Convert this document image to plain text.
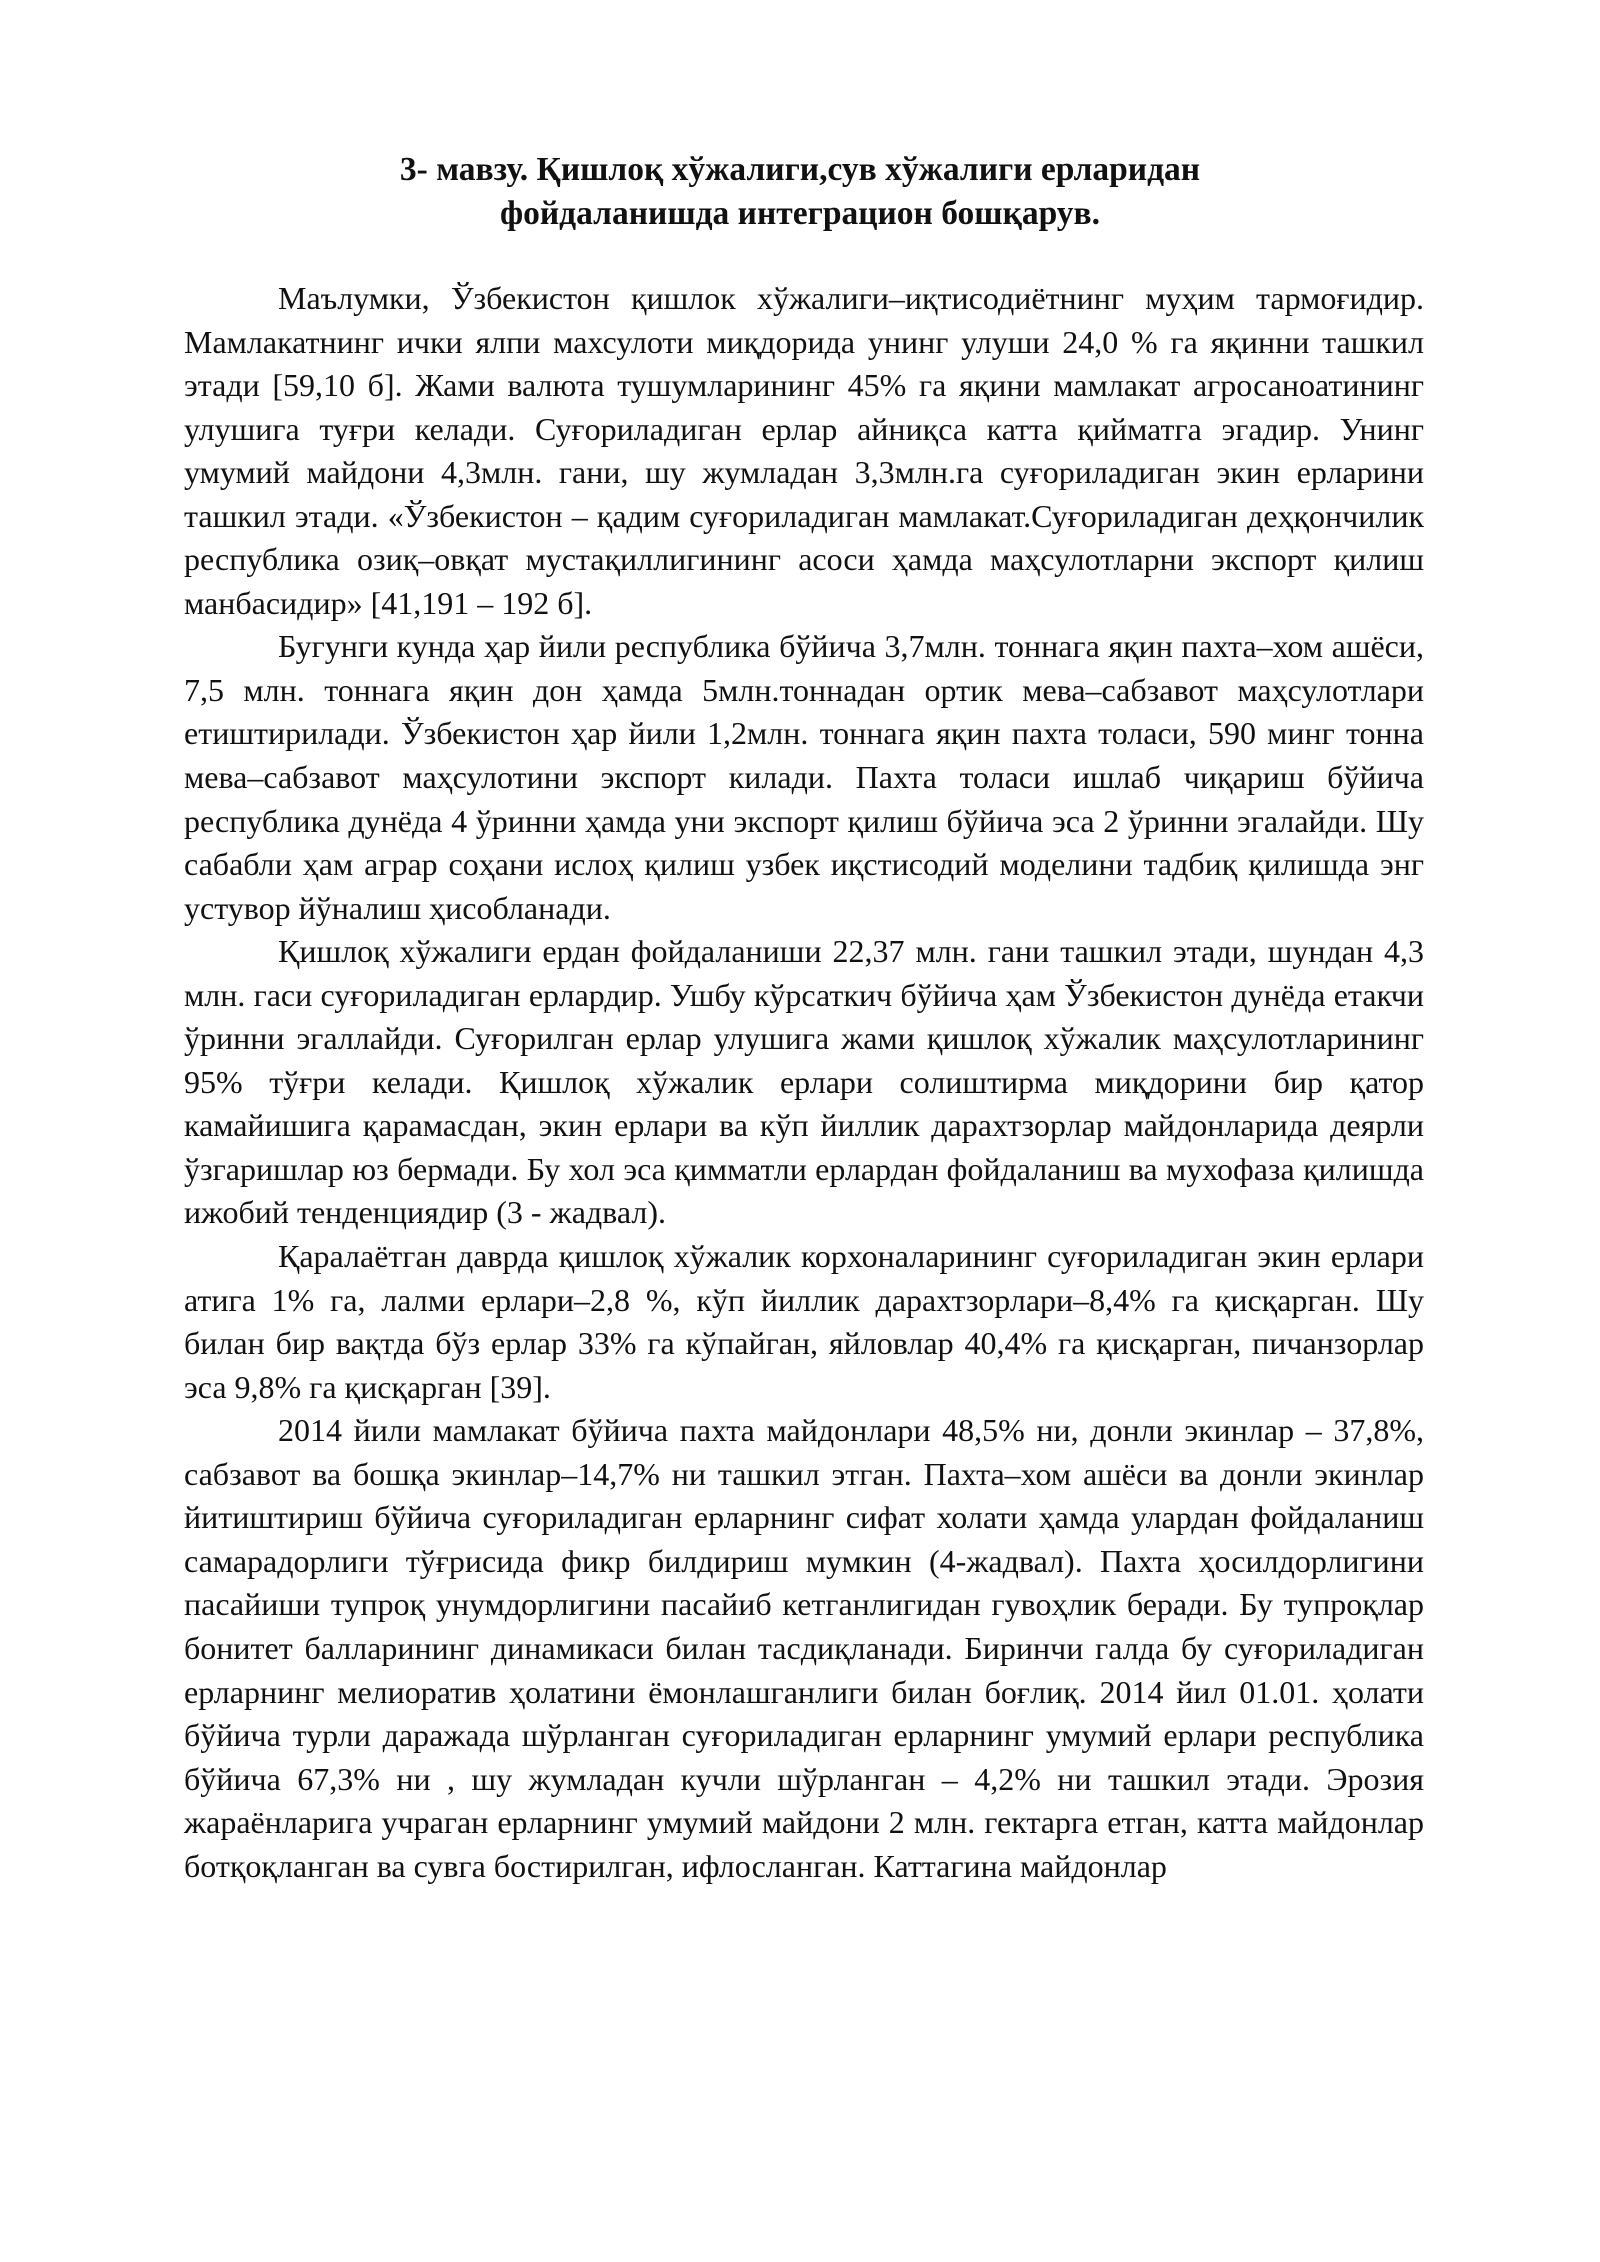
3- мавзу. Қишлоқ хўжалиги,сув хўжалиги ерларидан
фойдаланишда интеграцион бошқарув.

Маълумки, Ўзбекистон қишлок хўжалиги–иқтисодиётнинг муҳим тармоғидир. Мамлакатнинг ички ялпи махсулоти миқдорида унинг улуши 24,0 % га яқинни ташкил этади [59,10 б]. Жами валюта тушумларининг 45% га яқини мамлакат агросаноатининг улушига туғри келади. Суғориладиган ерлар айниқса катта қийматга эгадир. Унинг умумий майдони 4,3млн. гани, шу жумладан 3,3млн.га суғориладиган экин ерларини ташкил этади. «Ўзбекистон – қадим суғориладиган мамлакат.Суғориладиган деҳқончилик республика озиқ–овқат мустақиллигининг асоси ҳамда маҳсулотларни экспорт қилиш манбасидир» [41,191 – 192 б].

Бугунги кунда ҳар йили республика бўйича 3,7млн. тоннага яқин пахта–хом ашёси, 7,5 млн. тоннага яқин дон ҳамда 5млн.тоннадан ортик мева–сабзавот маҳсулотлари етиштирилади. Ўзбекистон ҳар йили 1,2млн. тоннага яқин пахта толаси, 590 минг тонна мева–сабзавот маҳсулотини экспорт килади. Пахта толаси ишлаб чиқариш бўйича республика дунёда 4 ўринни ҳамда уни экспорт қилиш бўйича эса 2 ўринни эгалайди. Шу сабабли ҳам аграр соҳани ислоҳ қилиш узбек иқстисодий моделини тадбиқ қилишда энг устувор йўналиш ҳисобланади.

Қишлоқ хўжалиги ердан фойдаланиши 22,37 млн. гани ташкил этади, шундан 4,3 млн. гаси суғориладиган ерлардир. Ушбу кўрсаткич бўйича ҳам Ўзбекистон дунёда етакчи ўринни эгаллайди. Суғорилган ерлар улушига жами қишлоқ хўжалик маҳсулотларининг 95% тўғри келади. Қишлоқ хўжалик ерлари солиштирма миқдорини бир қатор камайишига қарамасдан, экин ерлари ва кўп йиллик дарахтзорлар майдонларида деярли ўзгаришлар юз бермади. Бу хол эса қимматли ерлардан фойдаланиш ва мухофаза қилишда ижобий тенденциядир (3 - жадвал).

Қаралаётган даврда қишлоқ хўжалик корхоналарининг суғориладиган экин ерлари атига 1% га, лалми ерлари–2,8 %, кўп йиллик дарахтзорлари–8,4% га қисқарган. Шу билан бир вақтда бўз ерлар 33% га кўпайган, яйловлар 40,4% га қисқарган, пичанзорлар эса 9,8% га қисқарган [39].

2014 йили мамлакат бўйича пахта майдонлари 48,5% ни, донли экинлар – 37,8%, сабзавот ва бошқа экинлар–14,7% ни ташкил этган. Пахта–хом ашёси ва донли экинлар йитиштириш бўйича суғориладиган ерларнинг сифат холати ҳамда улардан фойдаланиш самарадорлиги тўғрисида фикр билдириш мумкин (4-жадвал). Пахта ҳосилдорлигини пасайиши тупроқ унумдорлигини пасайиб кетганлигидан гувоҳлик беради. Бу тупроқлар бонитет балларининг динамикаси билан тасдиқланади. Биринчи галда бу суғориладиган ерларнинг мелиоратив ҳолатини ёмонлашганлиги билан боғлиқ. 2014 йил 01.01. ҳолати бўйича турли даражада шўрланган суғориладиган ерларнинг умумий ерлари республика бўйича 67,3% ни , шу жумладан кучли шўрланган – 4,2% ни ташкил этади. Эрозия жараёнларига учраган ерларнинг умумий майдони 2 млн. гектарга етган, катта майдонлар ботқоқланган ва сувга бостирилган, ифлосланган. Каттагина майдонлар
